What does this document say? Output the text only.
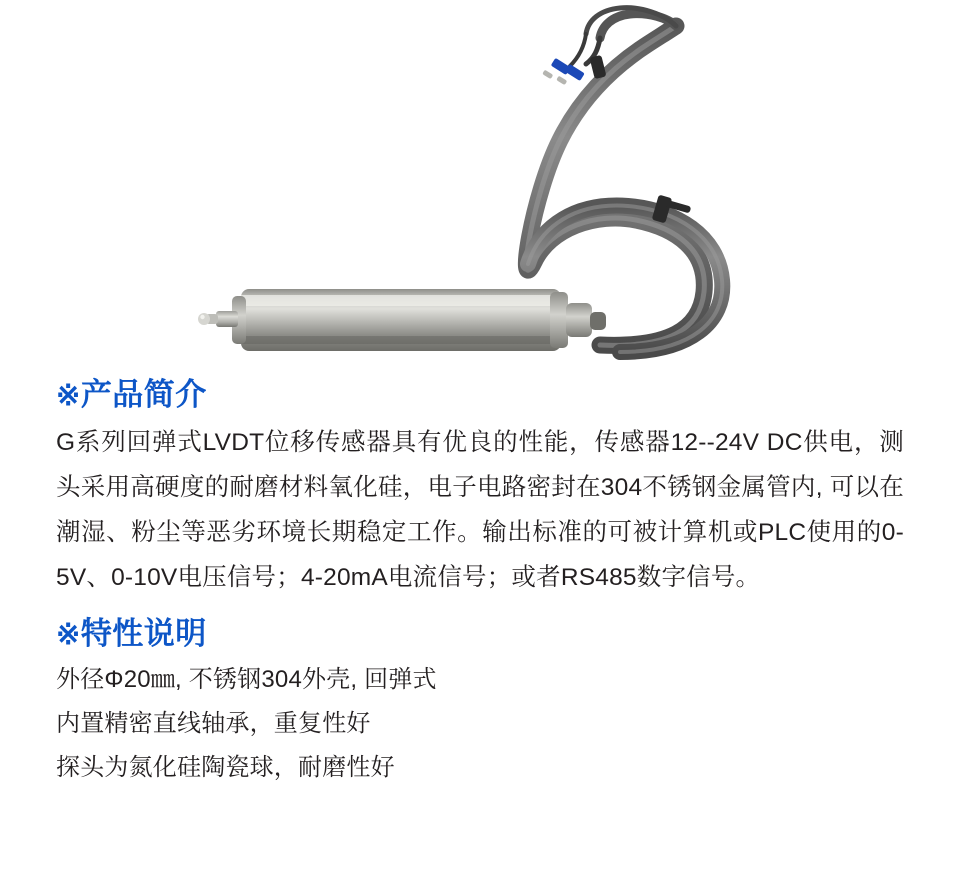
※产品简介

G系列回弹式LVDT位移传感器具有优良的性能，传感器12--24V DC供电，测头采用高硬度的耐磨材料氧化硅，电子电路密封在304不锈钢金属管内, 可以在潮湿、粉尘等恶劣环境长期稳定工作。输出标准的可被计算机或PLC使用的0-5V、0-10V电压信号；4-20mA电流信号；或者RS485数字信号。

※特性说明
外径Φ20㎜, 不锈钢304外壳, 回弹式
内置精密直线轴承，重复性好
探头为氮化硅陶瓷球，耐磨性好
